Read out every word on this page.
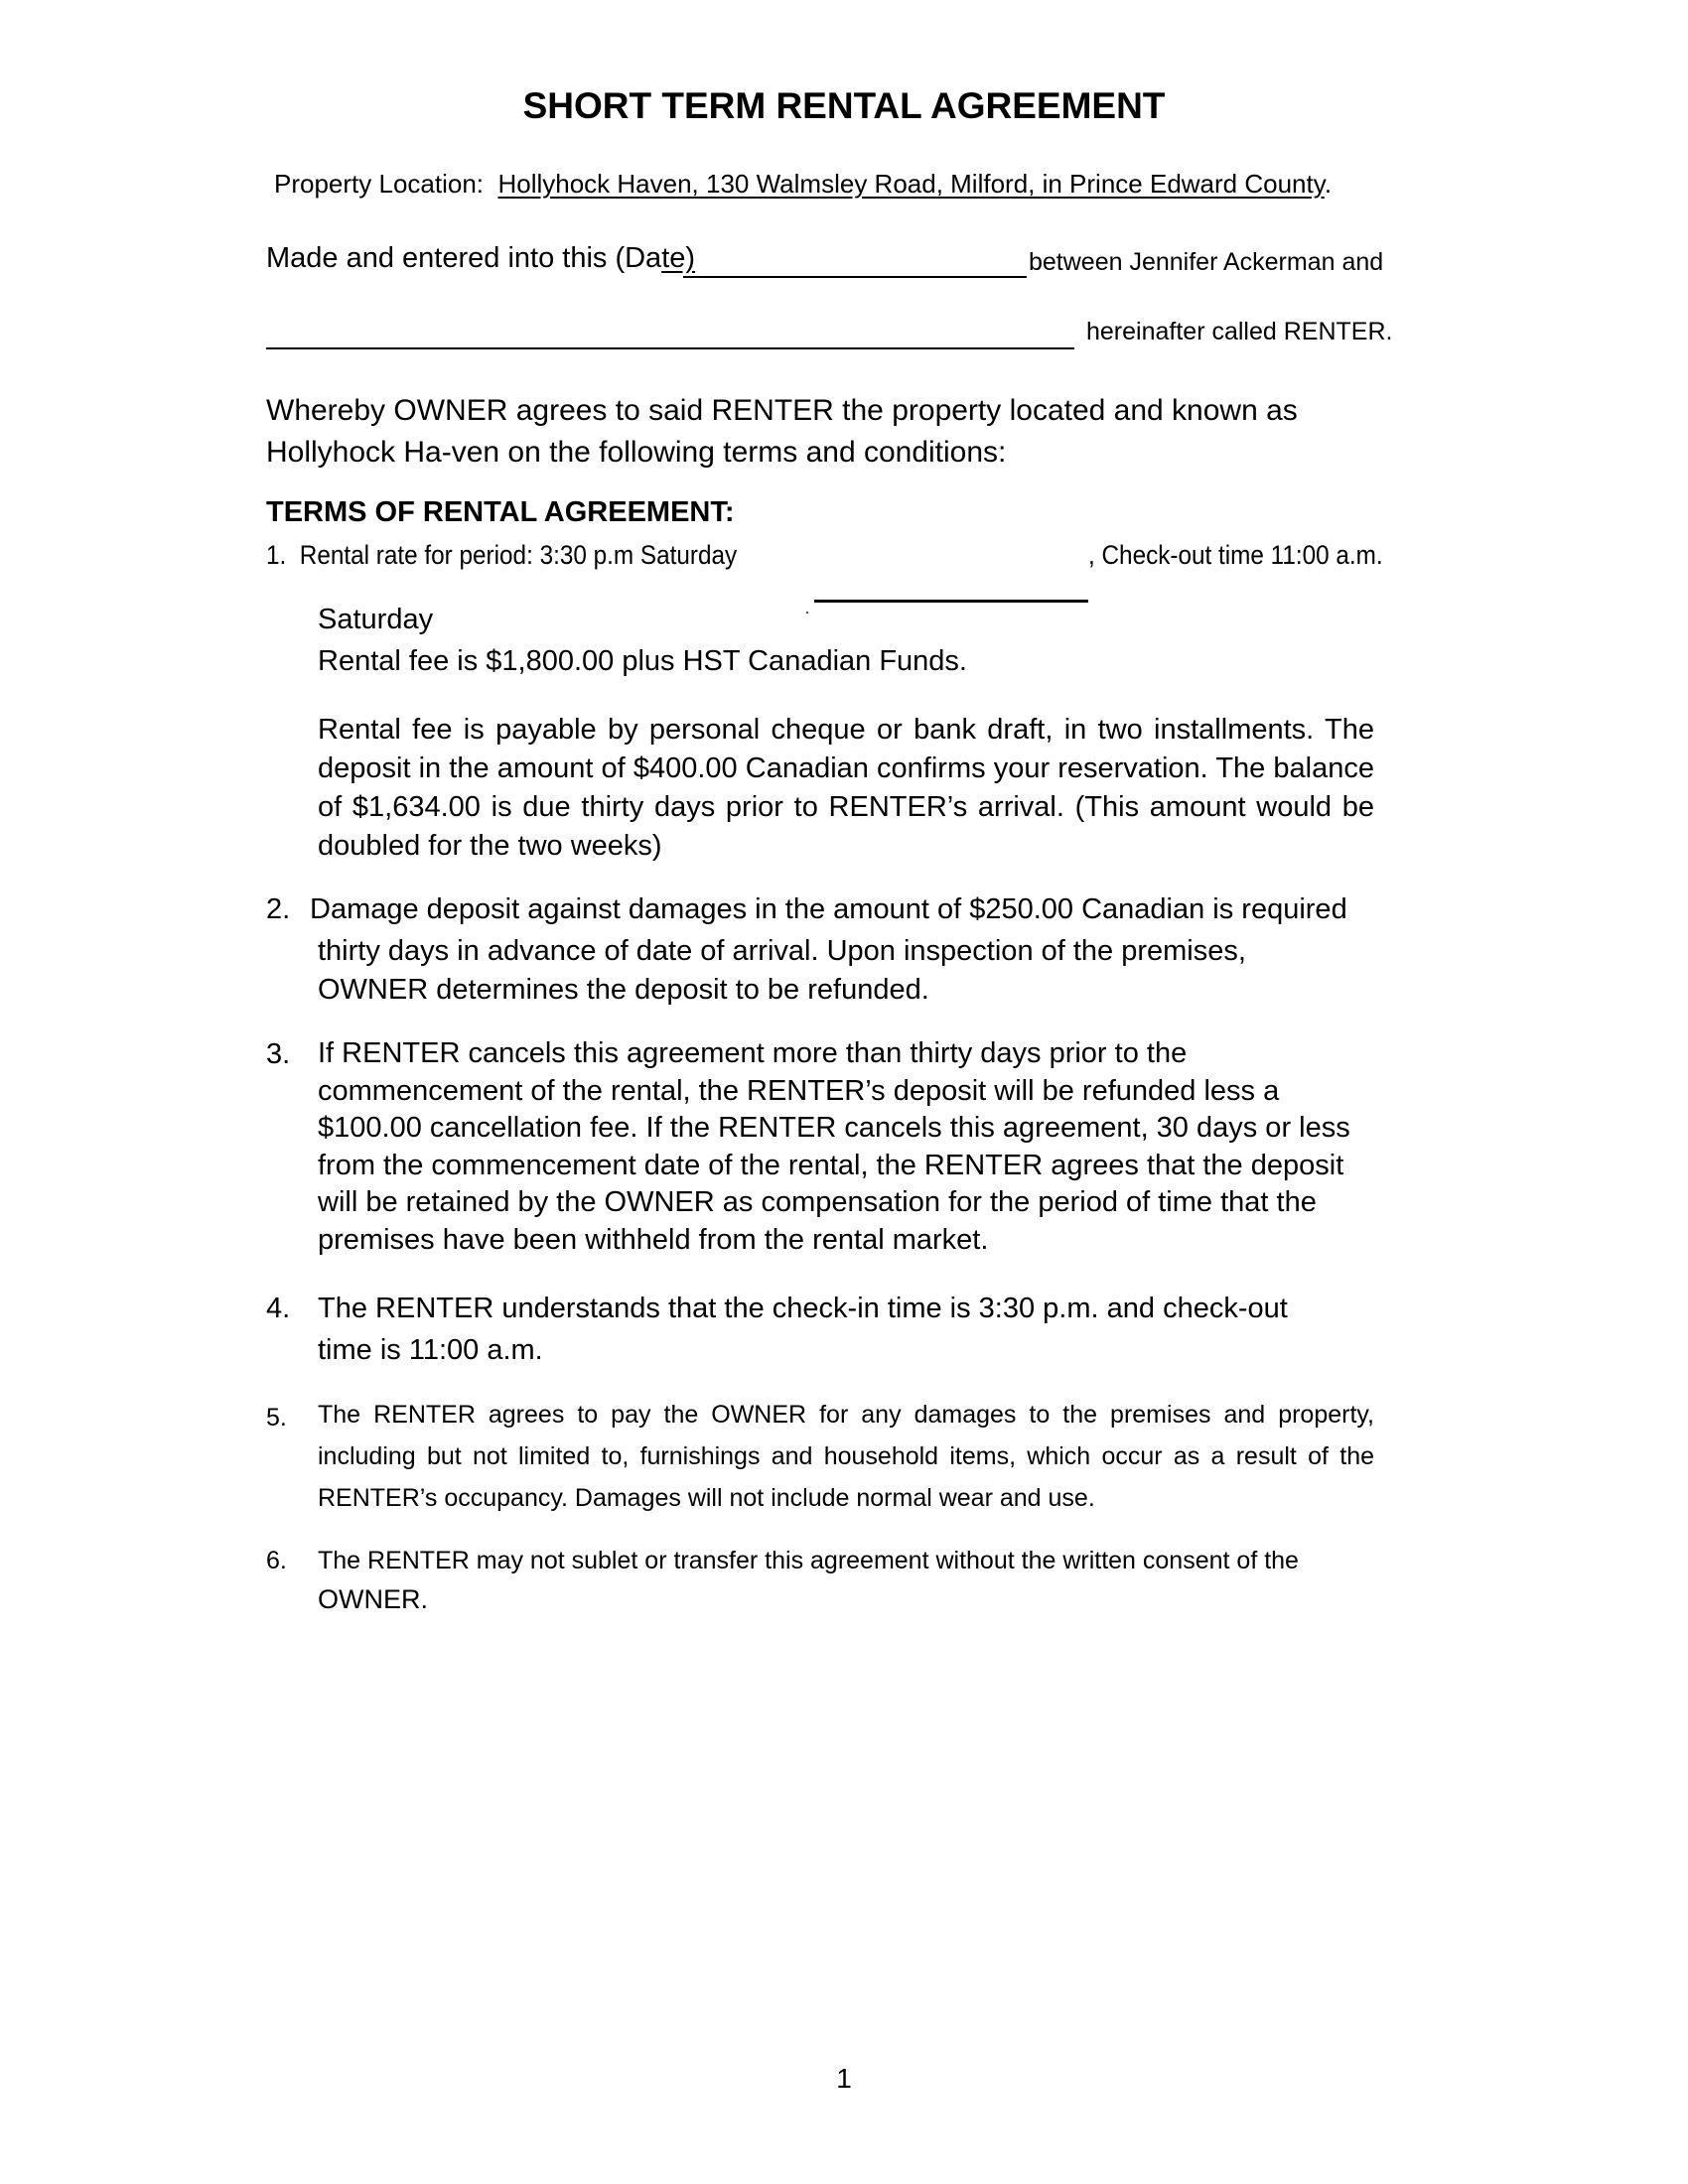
SHORT TERM RENTAL AGREEMENT
Property Location: Hollyhock Haven, 130 Walmsley Road, Milford, in Prince Edward County.
Made and entered into this (Date)	between Jennifer Ackerman and
hereinafter called RENTER.
Whereby OWNER agrees to said RENTER the property located and known as Hollyhock Ha-ven on the following terms and conditions:
TERMS OF RENTAL AGREEMENT:
1. Rental rate for period: 3:30 p.m Saturday	, Check-out time 11:00 a.m.
Saturday
Rental fee is $1,800.00 plus HST Canadian Funds.
Rental fee is payable by personal cheque or bank draft, in two installments. The deposit in the amount of $400.00 Canadian confirms your reservation. The balance of $1,634.00 is due thirty days prior to RENTER’s arrival. (This amount would be doubled for the two weeks)
2. Damage deposit against damages in the amount of $250.00 Canadian is required
thirty days in advance of date of arrival. Upon inspection of the premises, OWNER determines the deposit to be refunded.
3. If RENTER cancels this agreement more than thirty days prior to the commencement of the rental, the RENTER’s deposit will be refunded less a $100.00 cancellation fee. If the RENTER cancels this agreement, 30 days or less from the commencement date of the rental, the RENTER agrees that the deposit will be retained by the OWNER as compensation for the period of time that the premises have been withheld from the rental market.
4. The RENTER understands that the check-in time is 3:30 p.m. and check-out
time is 11:00 a.m.
5. The RENTER agrees to pay the OWNER for any damages to the premises and property, including but not limited to, furnishings and household items, which occur as a result of the RENTER’s occupancy. Damages will not include normal wear and use.
6. The RENTER may not sublet or transfer this agreement without the written consent of the
OWNER.
1
